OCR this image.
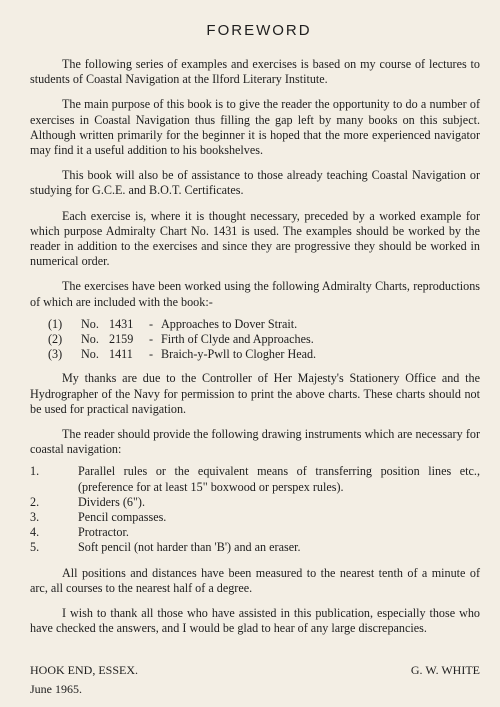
FOREWORD

The following series of examples and exercises is based on my course of lectures to students of Coastal Navigation at the Ilford Literary Institute.

The main purpose of this book is to give the reader the opportunity to do a number of exercises in Coastal Navigation thus filling the gap left by many books on this subject. Although written primarily for the beginner it is hoped that the more experienced navigator may find it a useful addition to his bookshelves.

This book will also be of assistance to those already teaching Coastal Navigation or studying for G.C.E. and B.O.T. Certificates.

Each exercise is, where it is thought necessary, preceded by a worked example for which purpose Admiralty Chart No. 1431 is used. The examples should be worked by the reader in addition to the exercises and since they are progressive they should be worked in numerical order.

The exercises have been worked using the following Admiralty Charts, reproductions of which are included with the book:-

(1)	No. 1431	- Approaches to Dover Strait.
(2)	No. 2159	- Firth of Clyde and Approaches.
(3)	No. 1411	- Braich-y-Pwll to Clogher Head.

My thanks are due to the Controller of Her Majesty's Stationery Office and the Hydrographer of the Navy for permission to print the above charts. These charts should not be used for practical navigation.

The reader should provide the following drawing instruments which are necessary for coastal navigation:

1.	Parallel rules or the equivalent means of transferring position lines etc., (preference for at least 15" boxwood or perspex rules).
2.	Dividers (6").
3.	Pencil compasses.
4.	Protractor.
5.	Soft pencil (not harder than 'B') and an eraser.

All positions and distances have been measured to the nearest tenth of a minute of arc, all courses to the nearest half of a degree.

I wish to thank all those who have assisted in this publication, especially those who have checked the answers, and I would be glad to hear of any large discrepancies.

HOOK END, ESSEX.	G. W. WHITE
June 1965.
